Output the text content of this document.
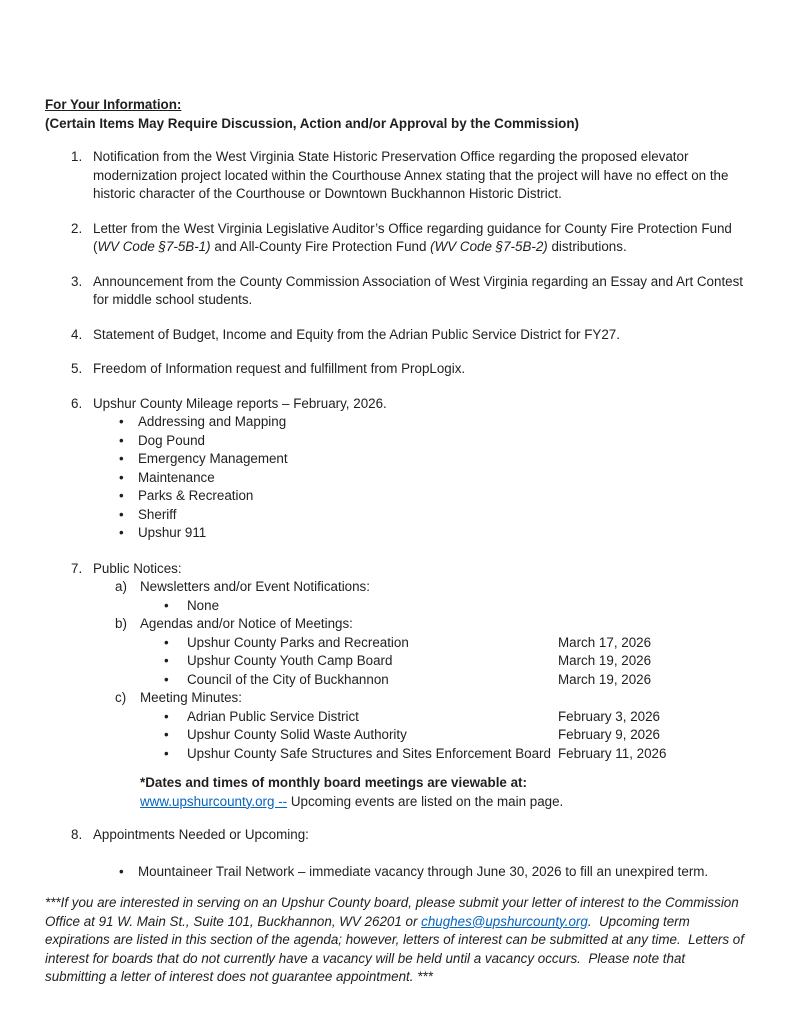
For Your Information:
(Certain Items May Require Discussion, Action and/or Approval by the Commission)
1. Notification from the West Virginia State Historic Preservation Office regarding the proposed elevator modernization project located within the Courthouse Annex stating that the project will have no effect on the historic character of the Courthouse or Downtown Buckhannon Historic District.
2. Letter from the West Virginia Legislative Auditor’s Office regarding guidance for County Fire Protection Fund (WV Code §7-5B-1) and All-County Fire Protection Fund (WV Code §7-5B-2) distributions.
3. Announcement from the County Commission Association of West Virginia regarding an Essay and Art Contest for middle school students.
4. Statement of Budget, Income and Equity from the Adrian Public Service District for FY27.
5. Freedom of Information request and fulfillment from PropLogix.
6. Upshur County Mileage reports – February, 2026.
• Addressing and Mapping
• Dog Pound
• Emergency Management
• Maintenance
• Parks & Recreation
• Sheriff
• Upshur 911
7. Public Notices:
a) Newsletters and/or Event Notifications:
• None
b) Agendas and/or Notice of Meetings:
• Upshur County Parks and Recreation	March 17, 2026
• Upshur County Youth Camp Board	March 19, 2026
• Council of the City of Buckhannon	March 19, 2026
c) Meeting Minutes:
• Adrian Public Service District	February 3, 2026
• Upshur County Solid Waste Authority	February 9, 2026
• Upshur County Safe Structures and Sites Enforcement Board February 11, 2026
*Dates and times of monthly board meetings are viewable at:
www.upshurcounty.org -- Upcoming events are listed on the main page.
8. Appointments Needed or Upcoming:
• Mountaineer Trail Network – immediate vacancy through June 30, 2026 to fill an unexpired term.
***If you are interested in serving on an Upshur County board, please submit your letter of interest to the Commission Office at 91 W. Main St., Suite 101, Buckhannon, WV 26201 or chughes@upshurcounty.org.  Upcoming term expirations are listed in this section of the agenda; however, letters of interest can be submitted at any time.  Letters of interest for boards that do not currently have a vacancy will be held until a vacancy occurs.  Please note that submitting a letter of interest does not guarantee appointment. ***
